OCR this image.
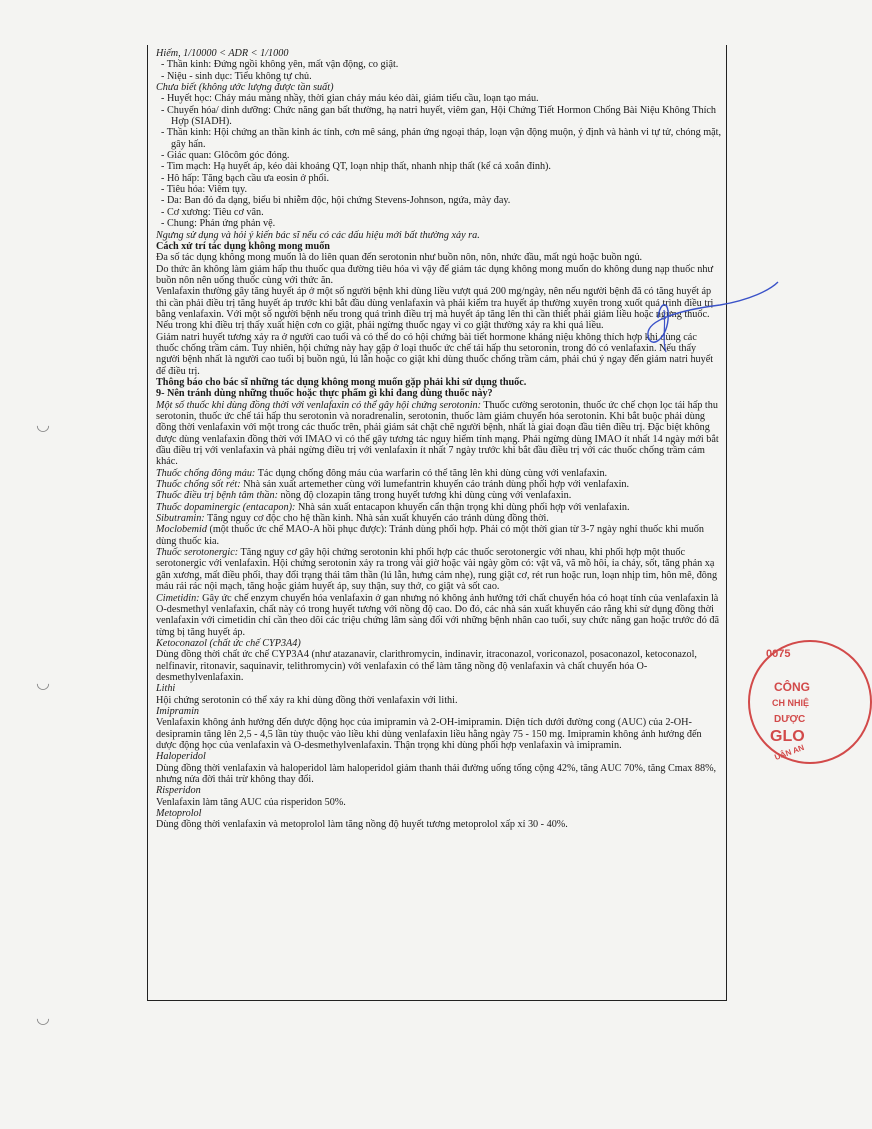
Hiếm, 1/10000 < ADR < 1/1000

- Thần kinh: Đứng ngồi không yên, mất vận động, co giật.

- Niệu - sinh dục: Tiểu không tự chủ.

Chưa biết (không ước lượng được tần suất)

- Huyết học: Chảy máu màng nhầy, thời gian chảy máu kéo dài, giảm tiểu cầu, loạn tạo máu.

- Chuyển hóa/ dinh dưỡng: Chức năng gan bất thường, hạ natri huyết, viêm gan, Hội Chứng Tiết Hormon Chống Bài Niệu Không Thích Hợp (SIADH).

- Thần kinh: Hội chứng an thần kinh ác tính, cơn mê sảng, phản ứng ngoại tháp, loạn vận động muộn, ý định và hành vi tự tử, chóng mặt, gây hấn.

- Giác quan: Glôcôm góc đóng.

- Tim mạch: Hạ huyết áp, kéo dài khoảng QT, loạn nhịp thất, nhanh nhịp thất (kể cả xoắn đỉnh).

- Hô hấp: Tăng bạch cầu ưa eosin ở phổi.

- Tiêu hóa: Viêm tụy.

- Da: Ban đỏ đa dạng, biểu bì nhiễm độc, hội chứng Stevens-Johnson, ngứa, mày đay.

- Cơ xương: Tiêu cơ vân.

- Chung: Phản ứng phản vệ.

Ngưng sử dụng và hỏi ý kiến bác sĩ nếu có các dấu hiệu mới bất thường xảy ra.

Cách xử trí tác dụng không mong muốn

Đa số tác dụng không mong muốn là do liên quan đến serotonin như buồn nôn, nôn, nhức đầu, mất ngủ hoặc buồn ngủ.

Do thức ăn không làm giảm hấp thu thuốc qua đường tiêu hóa vì vậy để giảm tác dụng không mong muốn do không dung nạp thuốc như buồn nôn nên uống thuốc cùng với thức ăn.

Venlafaxin thường gây tăng huyết áp ở một số người bệnh khi dùng liều vượt quá 200 mg/ngày, nên nếu người bệnh đã có tăng huyết áp thì cần phải điều trị tăng huyết áp trước khi bắt đầu dùng venlafaxin và phải kiểm tra huyết áp thường xuyên trong xuốt quá trình điều trị bằng venlafaxin. Với một số người bệnh nếu trong quá trình điều trị mà huyết áp tăng lên thì cần thiết phải giảm liều hoặc ngừng thuốc.

Nếu trong khi điều trị thấy xuất hiện cơn co giật, phải ngừng thuốc ngay vì co giật thường xảy ra khi quá liều.

Giảm natri huyết tương xảy ra ở người cao tuổi và có thể do có hội chứng bài tiết hormone kháng niệu không thích hợp khi dùng các thuốc chống trầm cảm. Tuy nhiên, hội chứng này hay gặp ở loại thuốc ức chế tái hấp thu setoronin, trong đó có venlafaxin. Nếu thấy người bệnh nhất là người cao tuổi bị buồn ngủ, lú lẫn hoặc co giật khi dùng thuốc chống trầm cảm, phải chú ý ngay đến giảm natri huyết để điều trị.

Thông báo cho bác sĩ những tác dụng không mong muốn gặp phải khi sử dụng thuốc.

9- Nên tránh dùng những thuốc hoặc thực phẩm gì khi đang dùng thuốc này?

Một số thuốc khi dùng đồng thời với venlafaxin có thể gây hội chứng serotonin: Thuốc cường serotonin, thuốc ức chế chọn lọc tái hấp thu serotonin, thuốc ức chế tái hấp thu serotonin và noradrenalin, serotonin, thuốc làm giảm chuyển hóa serotonin. Khi bắt buộc phải dùng đồng thời venlafaxin với một trong các thuốc trên, phải giám sát chặt chẽ người bệnh, nhất là giai đoạn đầu tiên điều trị. Đặc biệt không được dùng venlafaxin đồng thời với IMAO vì có thể gây tương tác nguy hiểm tính mạng. Phải ngừng dùng IMAO ít nhất 14 ngày mới bắt đầu điều trị với venlafaxin và phải ngừng điều trị với venlafaxin ít nhất 7 ngày trước khi bắt đầu điều trị với các thuốc chống trầm cảm khác.

Thuốc chống đông máu: Tác dụng chống đông máu của warfarin có thể tăng lên khi dùng cùng với venlafaxin.

Thuốc chống sốt rét: Nhà sản xuất artemether cùng với lumefantrin khuyến cáo tránh dùng phối hợp với venlafaxin.

Thuốc điều trị bệnh tâm thần: nồng độ clozapin tăng trong huyết tương khi dùng cùng với venlafaxin.

Thuốc dopaminergic (entacapon): Nhà sản xuất entacapon khuyến cẩn thận trọng khi dùng phối hợp với venlafaxin.

Sibutramin: Tăng nguy cơ độc cho hệ thần kinh. Nhà sản xuất khuyến cáo tránh dùng đồng thời.

Moclobemid (một thuốc ức chế MAO-A hồi phục được): Tránh dùng phối hợp. Phải có một thời gian từ 3-7 ngày nghỉ thuốc khi muốn dùng thuốc kia.

Thuốc serotonergic: Tăng nguy cơ gây hội chứng serotonin khi phối hợp các thuốc serotonergic với nhau, khi phối hợp một thuốc serotonergic với venlafaxin. Hội chứng serotonin xảy ra trong vài giờ hoặc vài ngày gồm có: vật vã, vã mồ hôi, ỉa chảy, sốt, tăng phản xạ gân xương, mất điều phối, thay đổi trạng thái tâm thần (lú lẫn, hưng cảm nhẹ), rung giật cơ, rét run hoặc run, loạn nhịp tim, hôn mê, đông máu rải rác nội mạch, tăng hoặc giảm huyết áp, suy thận, suy thở, co giật và sốt cao.

Cimetidin: Gây ức chế enzym chuyển hóa venlafaxin ở gan nhưng nó không ảnh hưởng tới chất chuyển hóa có hoạt tính của venlafaxin là O-desmethyl venlafaxin, chất này có trong huyết tương với nồng độ cao. Do đó, các nhà sản xuất khuyến cáo rằng khi sử dụng đồng thời venlafaxin với cimetidin chỉ cần theo dõi các triệu chứng lâm sàng đối với những bệnh nhân cao tuổi, suy chức năng gan hoặc trước đó đã từng bị tăng huyết áp.

Ketoconazol (chất ức chế CYP3A4)

Dùng đồng thời chất ức chế CYP3A4 (như atazanavir, clarithromycin, indinavir, itraconazol, voriconazol, posaconazol, ketoconazol, nelfinavir, ritonavir, saquinavir, telithromycin) với venlafaxin có thể làm tăng nồng độ venlafaxin và chất chuyển hóa O- desmethylvenlafaxin.

Lithi

Hội chứng serotonin có thể xảy ra khi dùng đồng thời venlafaxin với lithi.

Imipramin

Venlafaxin không ảnh hưởng đến dược động học của imipramin và 2-OH-imipramin. Diện tích dưới đường cong (AUC) của 2-OH-desipramin tăng lên 2,5 - 4,5 lần tùy thuộc vào liều khi dùng venlafaxin liều hằng ngày 75 - 150 mg. Imipramin không ảnh hưởng đến dược động học của venlafaxin và O-desmethylvenlafaxin. Thận trọng khi dùng phối hợp venlafaxin và imipramin.

Haloperidol

Dùng đồng thời venlafaxin và haloperidol làm haloperidol giảm thanh thải đường uống tổng cộng 42%, tăng AUC 70%, tăng Cmax 88%, nhưng nửa đời thải trừ không thay đổi.

Risperidon

Venlafaxin làm tăng AUC của risperidon 50%.

Metoprolol

Dùng đồng thời venlafaxin và metoprolol làm tăng nồng độ huyết tương metoprolol xấp xỉ 30 - 40%.

0075
CÔNG
CH NHIỆ
DƯỢC
GLO
UẬN AN
◡
◡
◡
